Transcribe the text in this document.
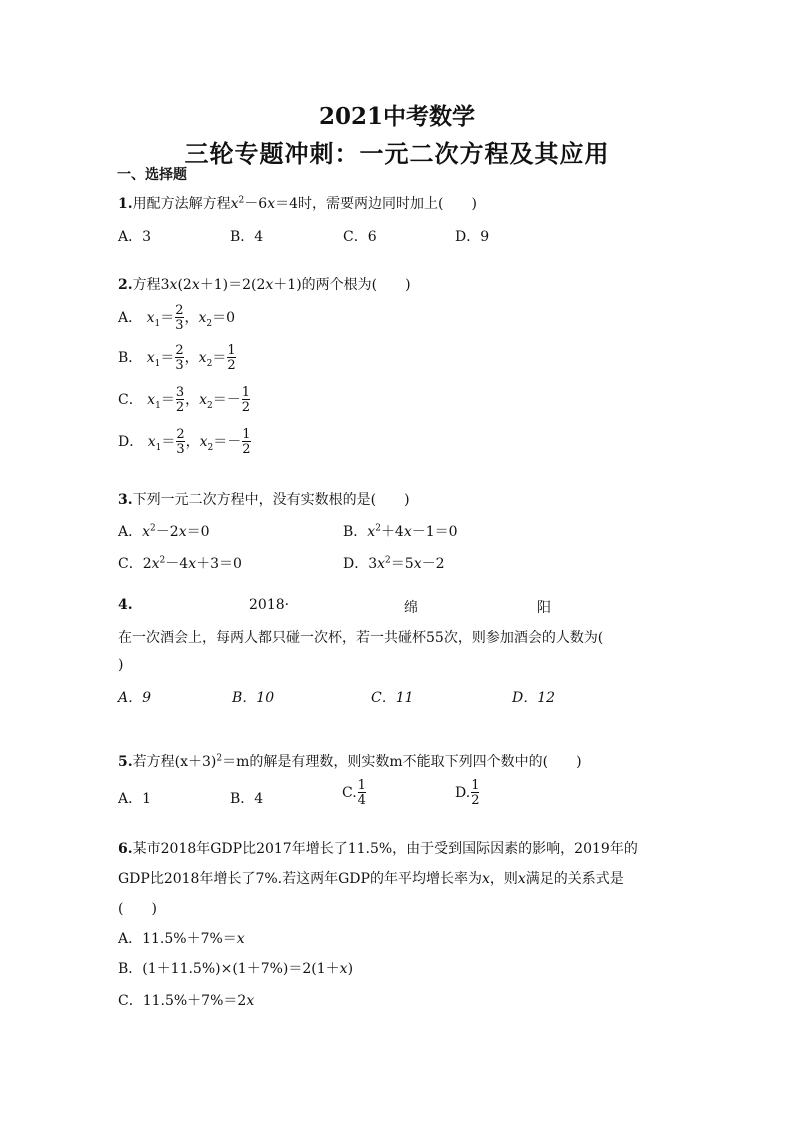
2021中考数学
三轮专题冲刺：一元二次方程及其应用
一、选择题
1.用配方法解方程$x^2-6x=4$时，需要两边同时加上(　　)
A．3	B．4	C．6	D．9
2.方程3x(2x＋1)＝2(2x＋1)的两个根为(　　)
A． $x_1= \frac{2}{3}$ ，$x_2=0$
B． $x_1= \frac{2}{3}$ ，$x_2= \frac{1}{2}$
C． $x_1= \frac{3}{2}$ ，$x_2=- \frac{1}{2}$
D． $x_1= \frac{2}{3}$ ，$x_2=- \frac{1}{2}$
3.下列一元二次方程中，没有实数根的是(　　)
A．$x^2-2x=0$	B．$x^2+4x-1=0$
C．$2x^2-4x+3=0$	D．$3x^2=5x-2$
4.	2018·	绵	阳
在一次酒会上，每两人都只碰一次杯，若一共碰杯55次，则参加酒会的人数为(
)
A．9	B．10	C．11	D．12
5.若方程$(x+3)^2=m$的解是有理数，则实数m不能取下列四个数中的(　　)
A．1	B．4	C. $\frac{1}{4}$	D. $\frac{1}{2}$
6.某市2018年GDP比2017年增长了11.5%，由于受到国际因素的影响，2019年的
GDP比2018年增长了7%.若这两年GDP的年平均增长率为x，则x满足的关系式是
(　　)
A．11.5%＋7%＝x
B．(1＋11.5%)×(1＋7%)＝2(1＋x)
C．11.5%＋7%＝2x
